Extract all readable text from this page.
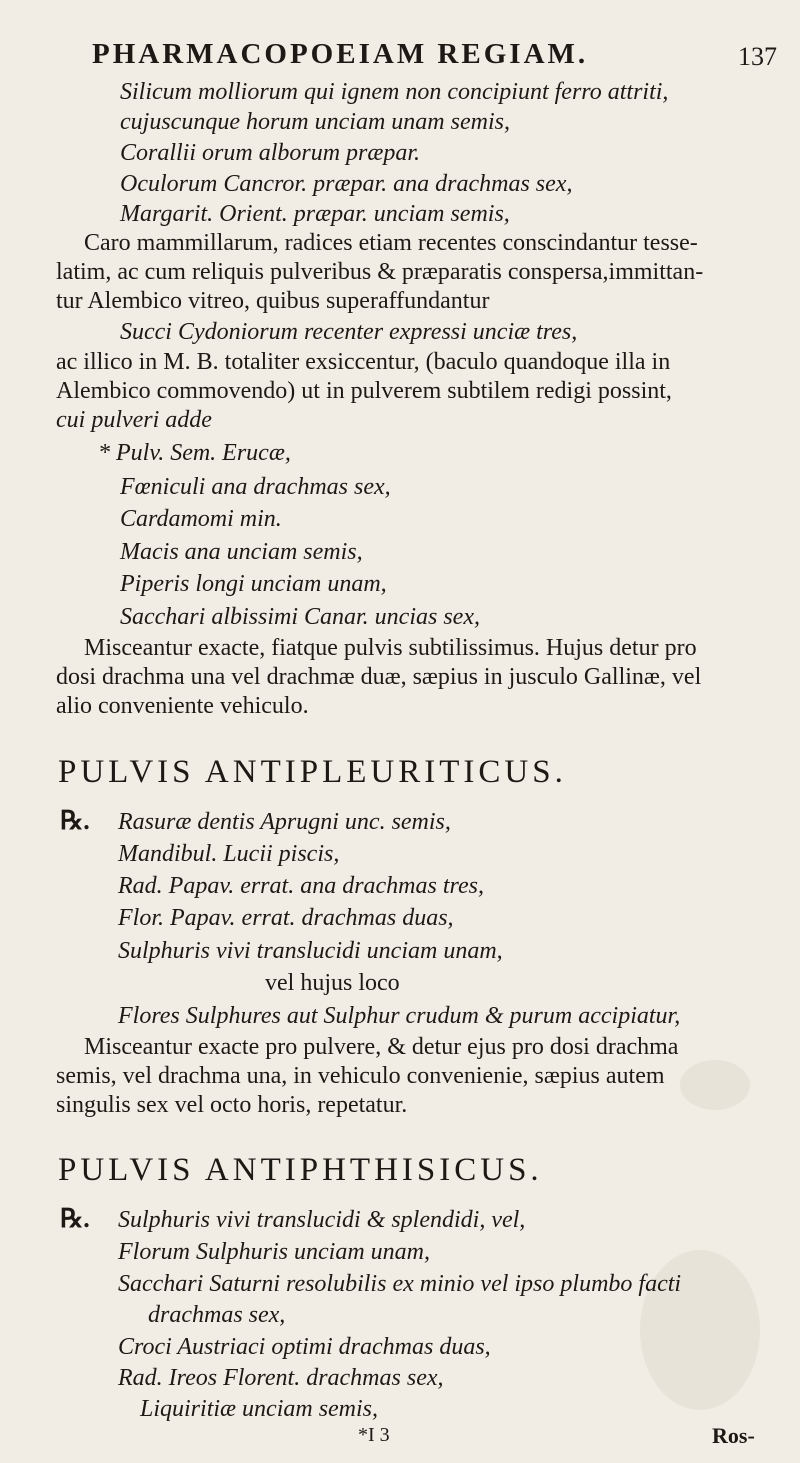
PHARMACOPOEIAM REGIAM.	137
Silicum molliorum qui ignem non concipiunt ferro attriti,
cujuscunque horum unciam unam semis,
Corallii orum alborum præpar.
Oculorum Cancror. præpar. ana drachmas sex,
Margarit. Orient. præpar. unciam semis,
Caro mammillarum, radices etiam recentes conscindantur tesse-
latim, ac cum reliquis pulveribus & præparatis conspersa,immittan-
tur Alembico vitreo, quibus superaffundantur
Succi Cydoniorum recenter expressi unciæ tres,
ac illico in M. B. totaliter exsiccentur, (baculo quandoque illa in
Alembico commovendo) ut in pulverem subtilem redigi possint,
cui pulveri adde
* Pulv. Sem. Erucæ,
Fœniculi ana drachmas sex,
Cardamomi min.
Macis ana unciam semis,
Piperis longi unciam unam,
Sacchari albissimi Canar. uncias sex,
Misceantur exacte, fiatque pulvis subtilissimus. Hujus detur pro
dosi drachma una vel drachmæ duæ, sæpius in jusculo Gallinæ, vel
alio conveniente vehiculo.
PULVIS ANTIPLEURITICUS.
℞. Rasuræ dentis Aprugni unc. semis,
Mandibul. Lucii piscis,
Rad. Papav. errat. ana drachmas tres,
Flor. Papav. errat. drachmas duas,
Sulphuris vivi translucidi unciam unam,
vel hujus loco
Flores Sulphures aut Sulphur crudum & purum accipiatur,
Misceantur exacte pro pulvere, & detur ejus pro dosi drachma
semis, vel drachma una, in vehiculo convenienie, sæpius autem
singulis sex vel octo horis, repetatur.
PULVIS ANTIPHTHISICUS.
℞. Sulphuris vivi translucidi & splendidi, vel,
Florum Sulphuris unciam unam,
Sacchari Saturni resolubilis ex minio vel ipso plumbo facti
drachmas sex,
Croci Austriaci optimi drachmas duas,
Rad. Ireos Florent. drachmas sex,
Liquiritiæ unciam semis,
*I 3	Ros-
